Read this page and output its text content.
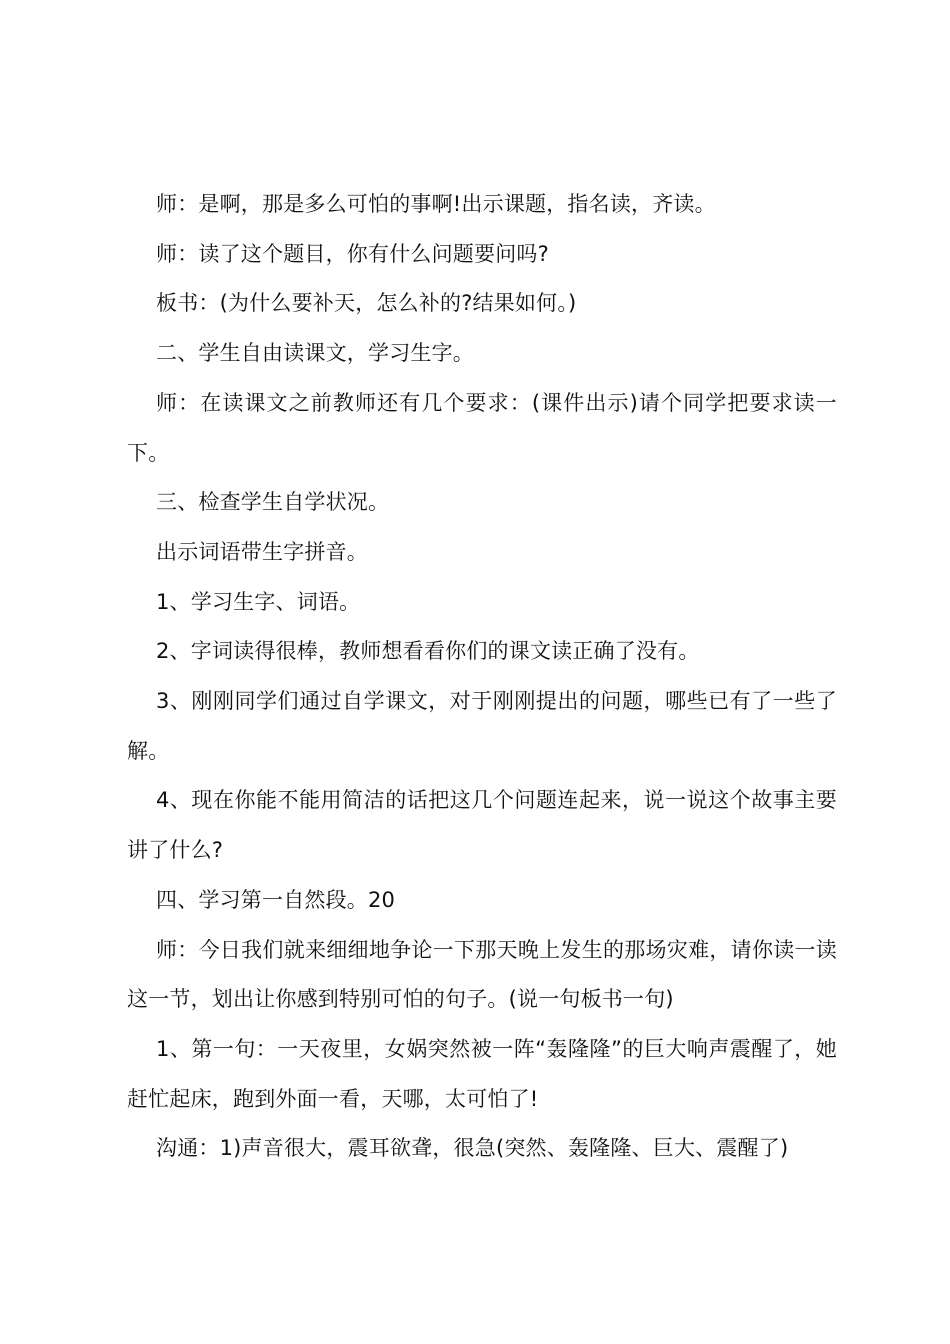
师：是啊，那是多么可怕的事啊!出示课题，指名读，齐读。

师：读了这个题目，你有什么问题要问吗?

板书：(为什么要补天，怎么补的?结果如何。)

二、学生自由读课文，学习生字。

师：在读课文之前教师还有几个要求：(课件出示)请个同学把要求读一下。

三、检查学生自学状况。

出示词语带生字拼音。

1、学习生字、词语。

2、字词读得很棒，教师想看看你们的课文读正确了没有。

3、刚刚同学们通过自学课文，对于刚刚提出的问题，哪些已有了一些了解。

4、现在你能不能用简洁的话把这几个问题连起来，说一说这个故事主要讲了什么?

四、学习第一自然段。20

师：今日我们就来细细地争论一下那天晚上发生的那场灾难，请你读一读这一节，划出让你感到特别可怕的句子。(说一句板书一句)

1、第一句：一天夜里，女娲突然被一阵“轰隆隆”的巨大响声震醒了，她赶忙起床，跑到外面一看，天哪，太可怕了!

沟通：1)声音很大，震耳欲聋，很急(突然、轰隆隆、巨大、震醒了)
